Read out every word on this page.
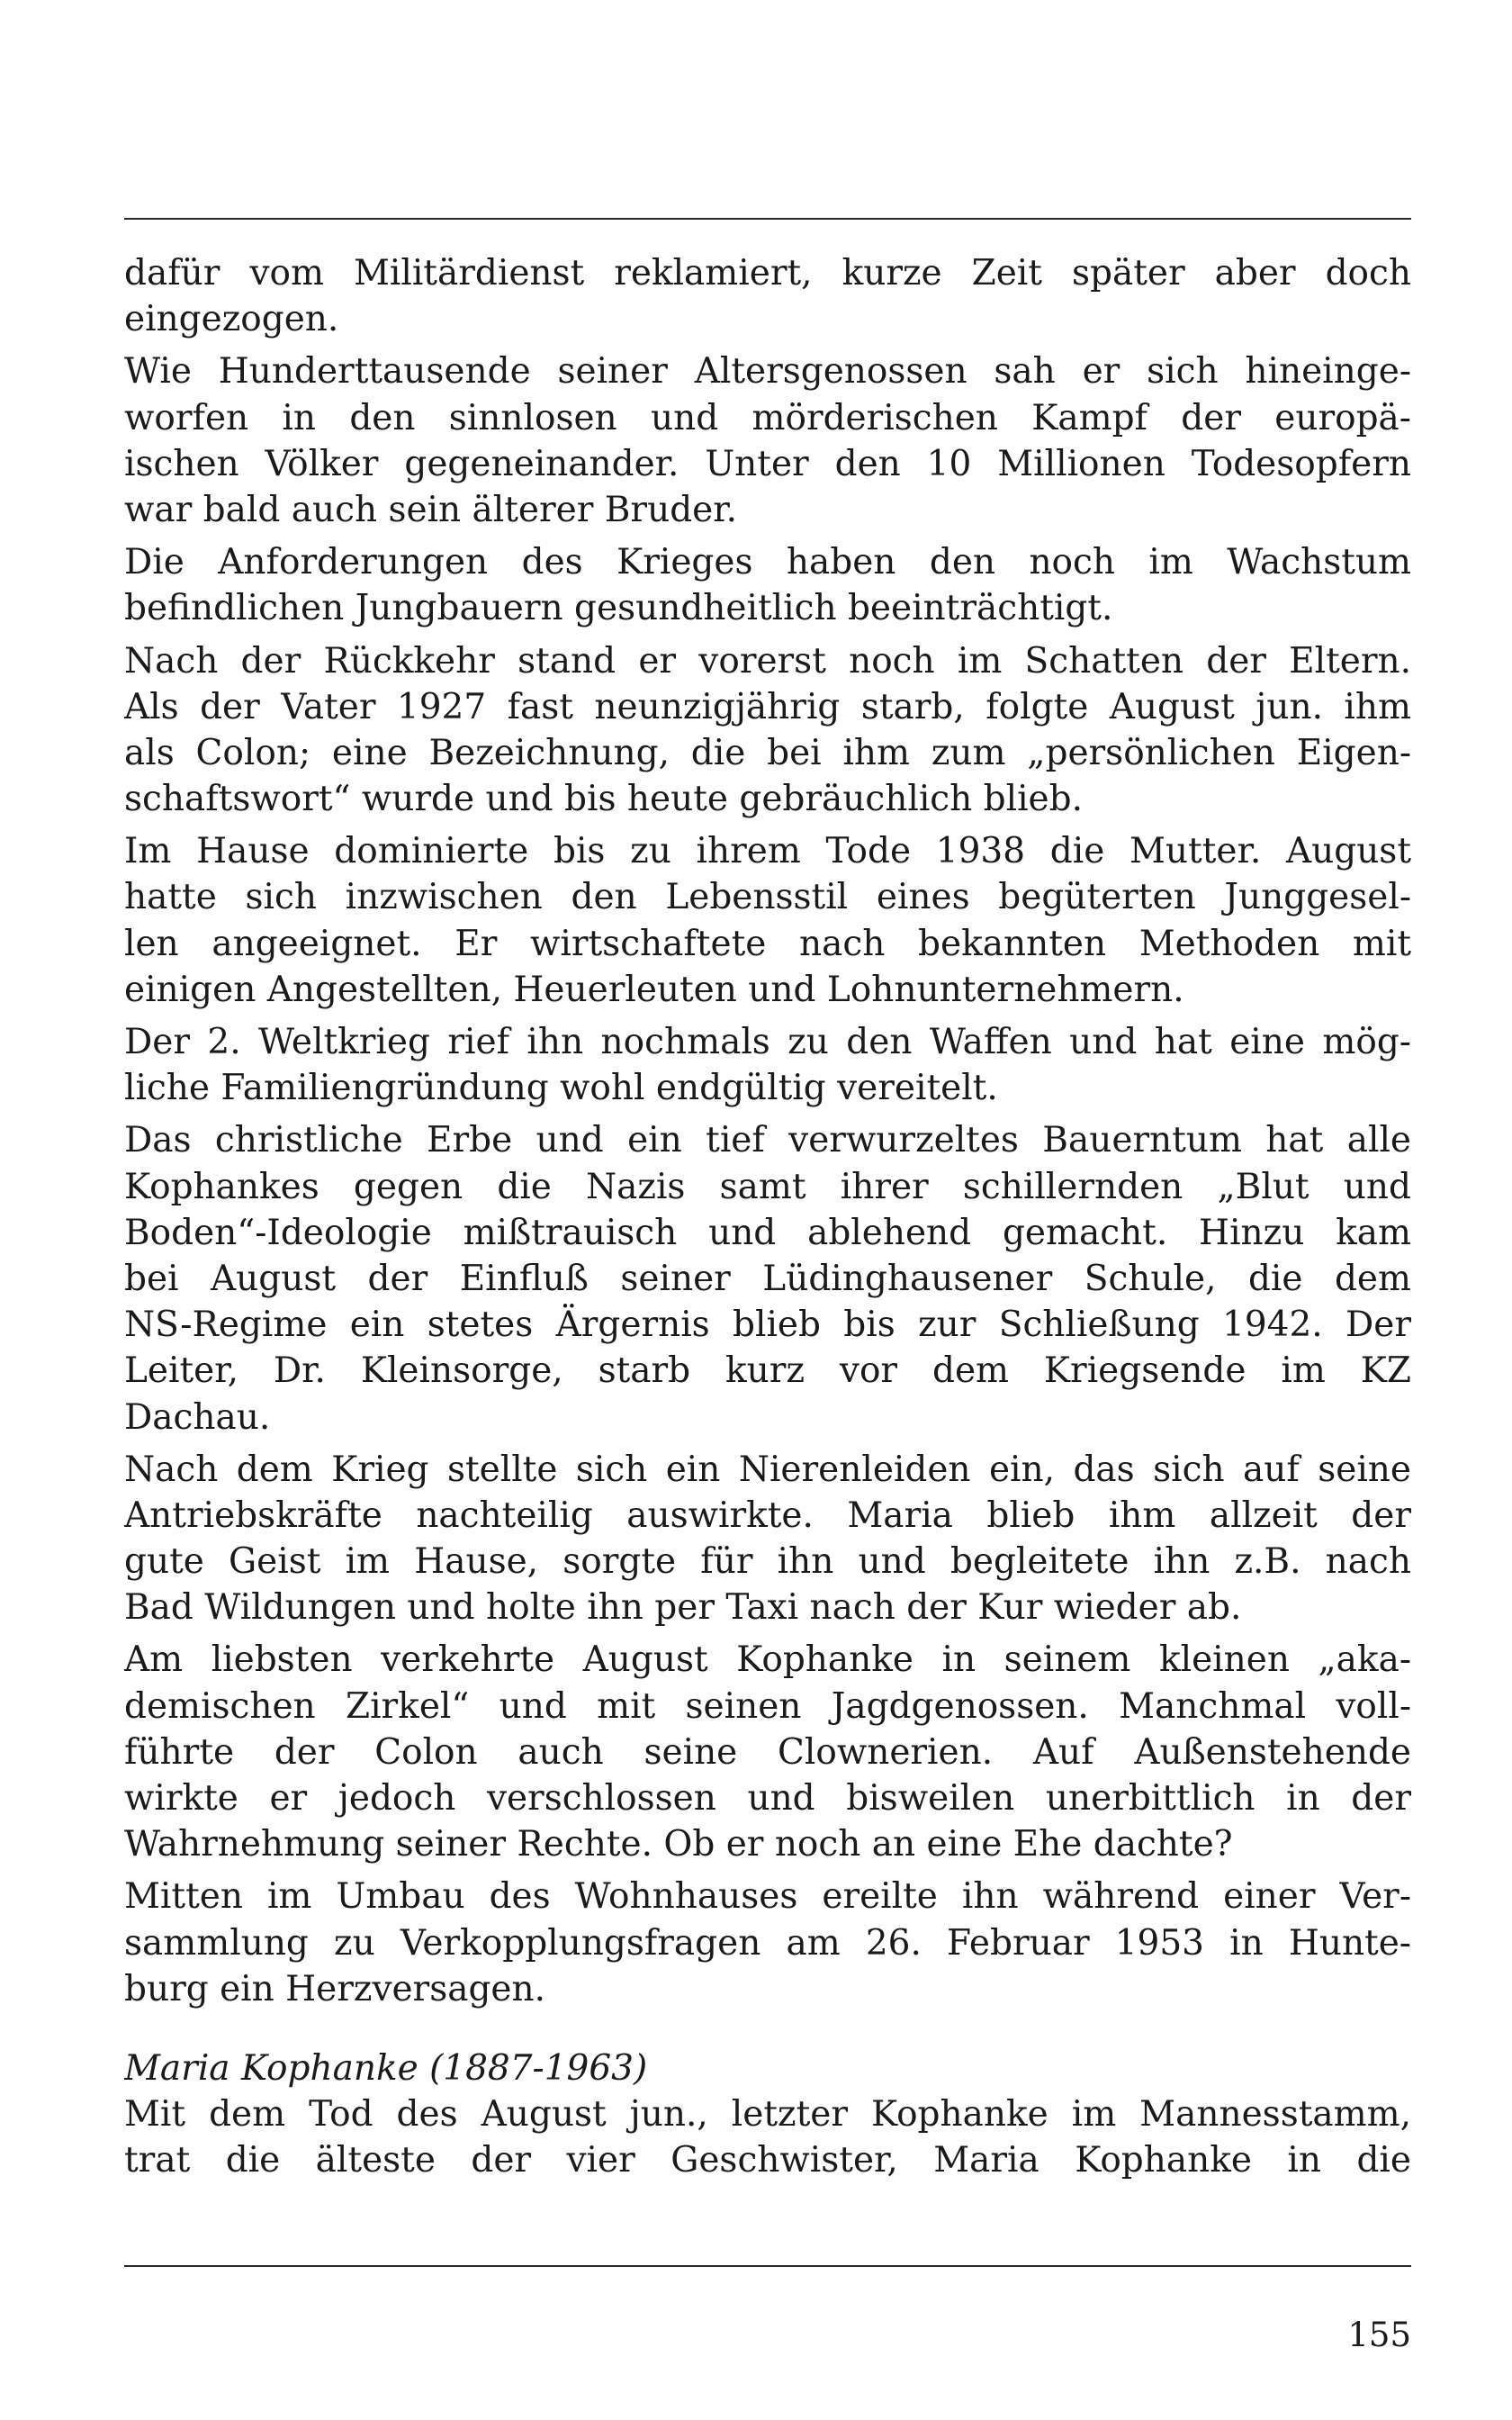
dafür vom Militärdienst reklamiert, kurze Zeit später aber doch
eingezogen.
Wie Hunderttausende seiner Altersgenossen sah er sich hineinge-
worfen in den sinnlosen und mörderischen Kampf der europä-
ischen Völker gegeneinander. Unter den 10 Millionen Todesopfern
war bald auch sein älterer Bruder.
Die Anforderungen des Krieges haben den noch im Wachstum
befindlichen Jungbauern gesundheitlich beeinträchtigt.
Nach der Rückkehr stand er vorerst noch im Schatten der Eltern.
Als der Vater 1927 fast neunzigjährig starb, folgte August jun. ihm
als Colon; eine Bezeichnung, die bei ihm zum „persönlichen Eigen-
schaftswort“ wurde und bis heute gebräuchlich blieb.
Im Hause dominierte bis zu ihrem Tode 1938 die Mutter. August
hatte sich inzwischen den Lebensstil eines begüterten Junggesel-
len angeeignet. Er wirtschaftete nach bekannten Methoden mit
einigen Angestellten, Heuerleuten und Lohnunternehmern.
Der 2. Weltkrieg rief ihn nochmals zu den Waffen und hat eine mög-
liche Familiengründung wohl endgültig vereitelt.
Das christliche Erbe und ein tief verwurzeltes Bauerntum hat alle
Kophankes gegen die Nazis samt ihrer schillernden „Blut und
Boden“-Ideologie mißtrauisch und ablehend gemacht. Hinzu kam
bei August der Einfluß seiner Lüdinghausener Schule, die dem
NS-Regime ein stetes Ärgernis blieb bis zur Schließung 1942. Der
Leiter, Dr. Kleinsorge, starb kurz vor dem Kriegsende im KZ
Dachau.
Nach dem Krieg stellte sich ein Nierenleiden ein, das sich auf seine
Antriebskräfte nachteilig auswirkte. Maria blieb ihm allzeit der
gute Geist im Hause, sorgte für ihn und begleitete ihn z.B. nach
Bad Wildungen und holte ihn per Taxi nach der Kur wieder ab.
Am liebsten verkehrte August Kophanke in seinem kleinen „aka-
demischen Zirkel“ und mit seinen Jagdgenossen. Manchmal voll-
führte der Colon auch seine Clownerien. Auf Außenstehende
wirkte er jedoch verschlossen und bisweilen unerbittlich in der
Wahrnehmung seiner Rechte. Ob er noch an eine Ehe dachte?
Mitten im Umbau des Wohnhauses ereilte ihn während einer Ver-
sammlung zu Verkopplungsfragen am 26. Februar 1953 in Hunte-
burg ein Herzversagen.
Maria Kophanke (1887-1963)
Mit dem Tod des August jun., letzter Kophanke im Mannesstamm,
trat die älteste der vier Geschwister, Maria Kophanke in die
155
